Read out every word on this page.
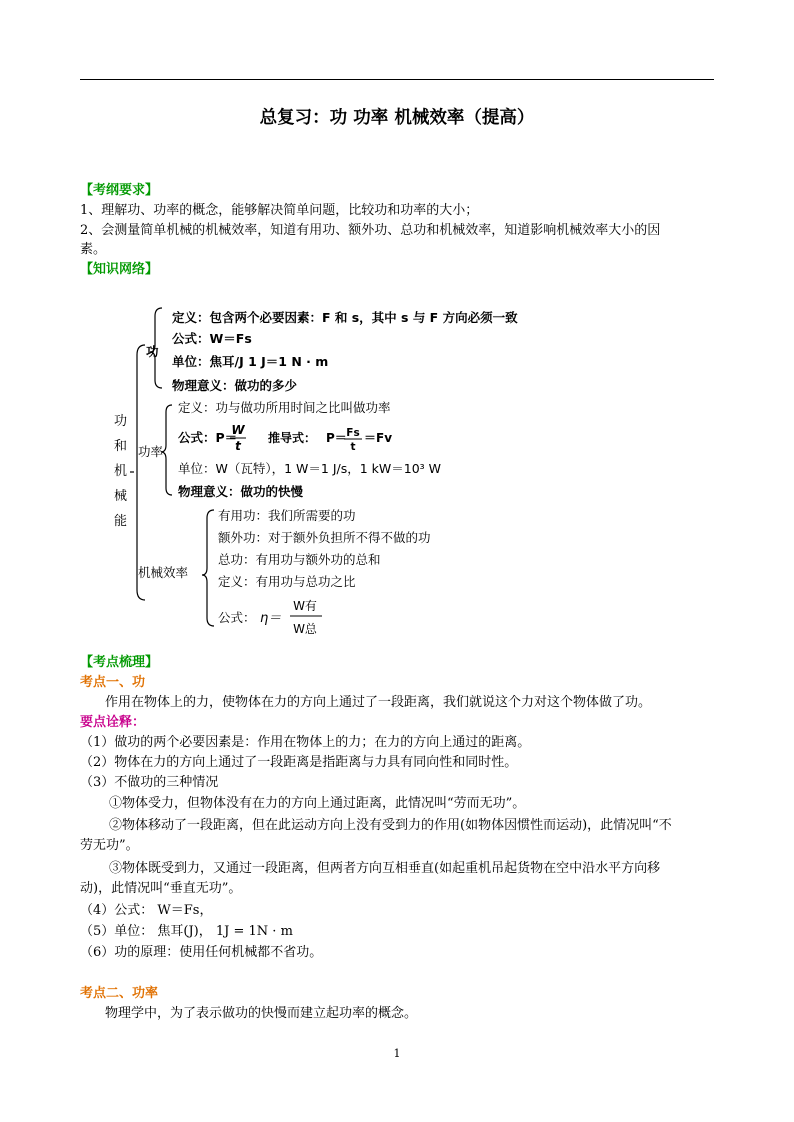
总复习：功 功率 机械效率（提高）
【考纲要求】
1、理解功、功率的概念，能够解决简单问题，比较功和功率的大小；
2、会测量简单机械的机械效率，知道有用功、额外功、总功和机械效率，知道影响机械效率大小的因
素。
【知识网络】
功
和
机
械
能
功
定义：包含两个必要因素：F 和 s，其中 s 与 F 方向必须一致
公式：W＝Fs
单位：焦耳/J 1 J＝1 N · m
物理意义：做功的多少
功率
定义：功与做功所用时间之比叫做功率
公式：P＝
W
t
推导式： P＝ Fs
t
＝Fv
单位：W（瓦特），1 W＝1 J/s，1 kW＝10³ W
物理意义：做功的快慢
机械效率
有用功：我们所需要的功
额外功：对于额外负担所不得不做的功
总功：有用功与额外功的总和
定义：有用功与总功之比
公式： η＝
W有
W总
【考点梳理】
考点一、功
作用在物体上的力，使物体在力的方向上通过了一段距离，我们就说这个力对这个物体做了功。
要点诠释：
（1）做功的两个必要因素是：作用在物体上的力；在力的方向上通过的距离。
（2）物体在力的方向上通过了一段距离是指距离与力具有同向性和同时性。
（3）不做功的三种情况
①物体受力，但物体没有在力的方向上通过距离，此情况叫“劳而无功”。
②物体移动了一段距离，但在此运动方向上没有受到力的作用(如物体因惯性而运动)，此情况叫“不
劳无功”。
③物体既受到力，又通过一段距离，但两者方向互相垂直(如起重机吊起货物在空中沿水平方向移
动)，此情况叫“垂直无功”。
（4）公式： W＝Fs，
（5）单位： 焦耳(J)， 1J = 1N · m
（6）功的原理：使用任何机械都不省功。
考点二、功率
物理学中，为了表示做功的快慢而建立起功率的概念。
1
